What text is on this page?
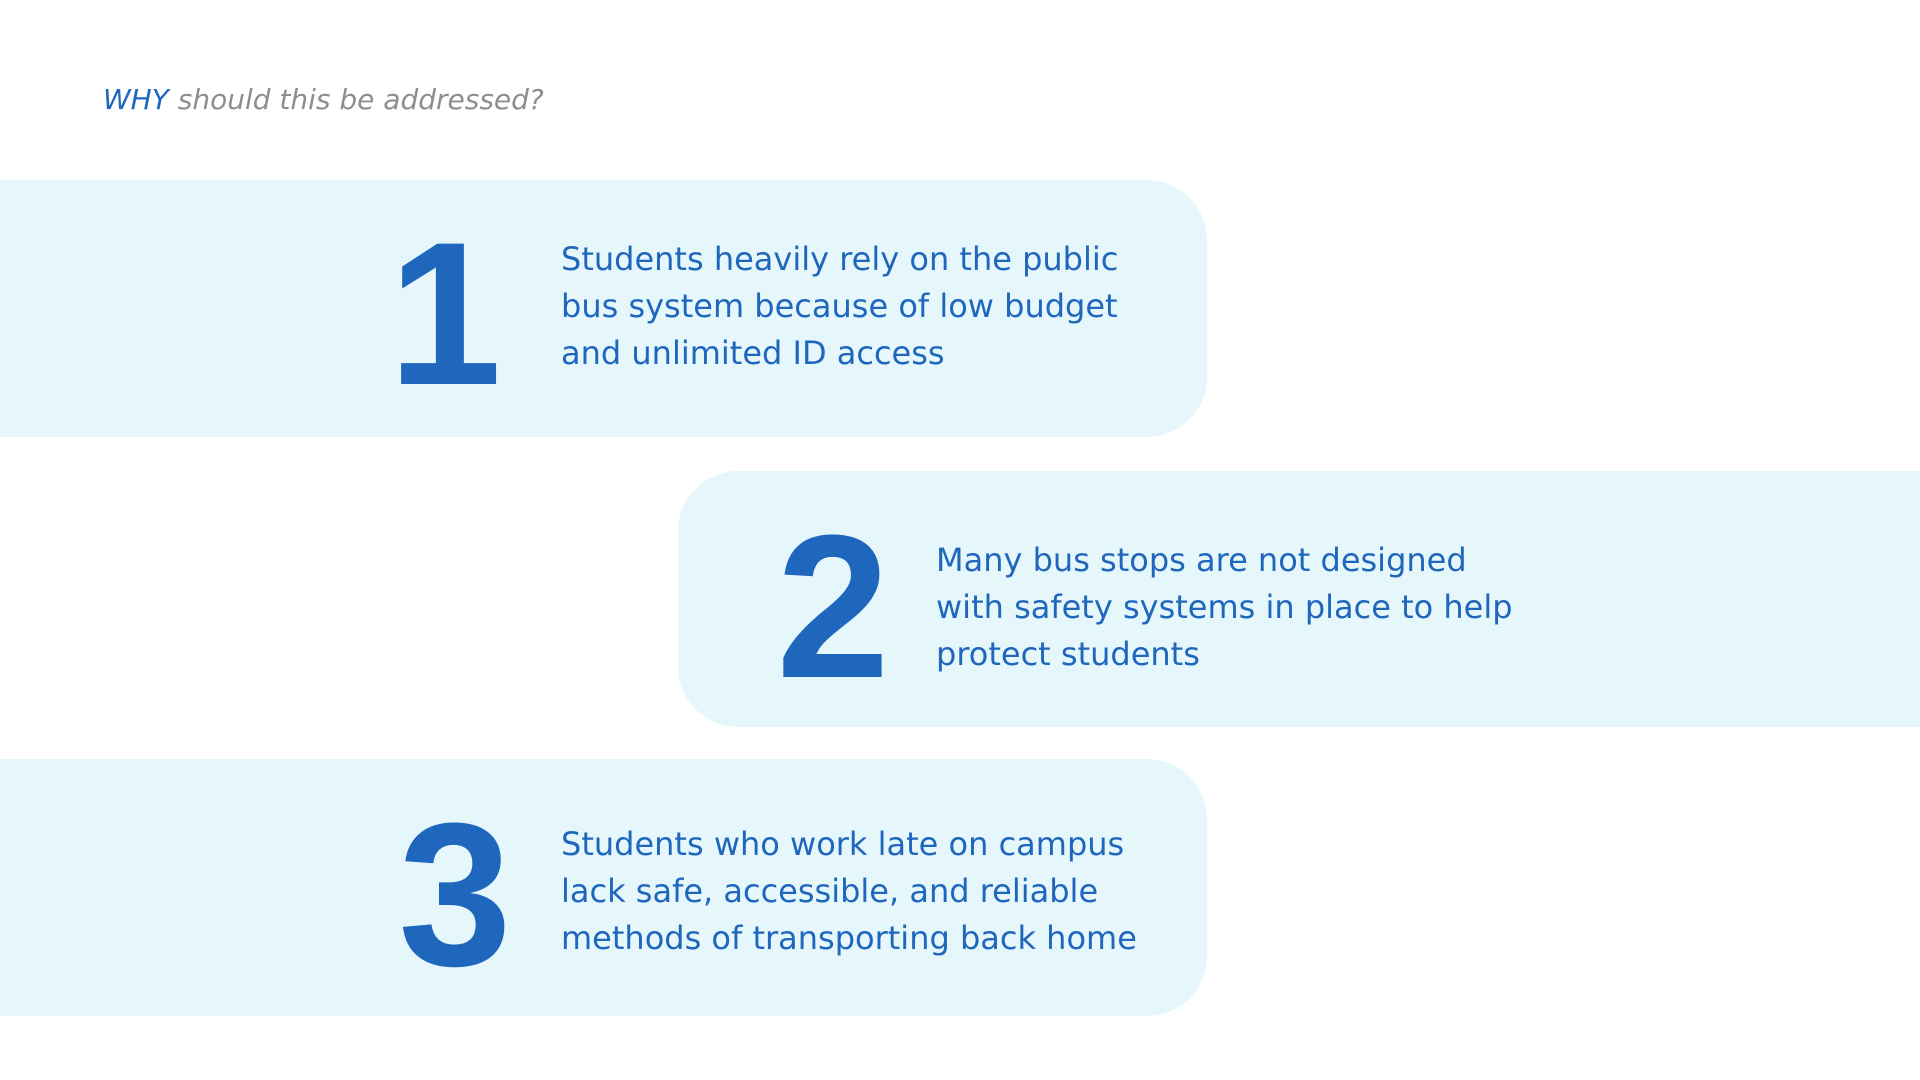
WHY should this be addressed?
1 Students heavily rely on the public
bus system because of low budget
and unlimited ID access
2	Many bus stops are not designed
with safety systems in place to help
protect students
3 Students who work late on campus
lack safe, accessible, and reliable
methods of transporting back home
